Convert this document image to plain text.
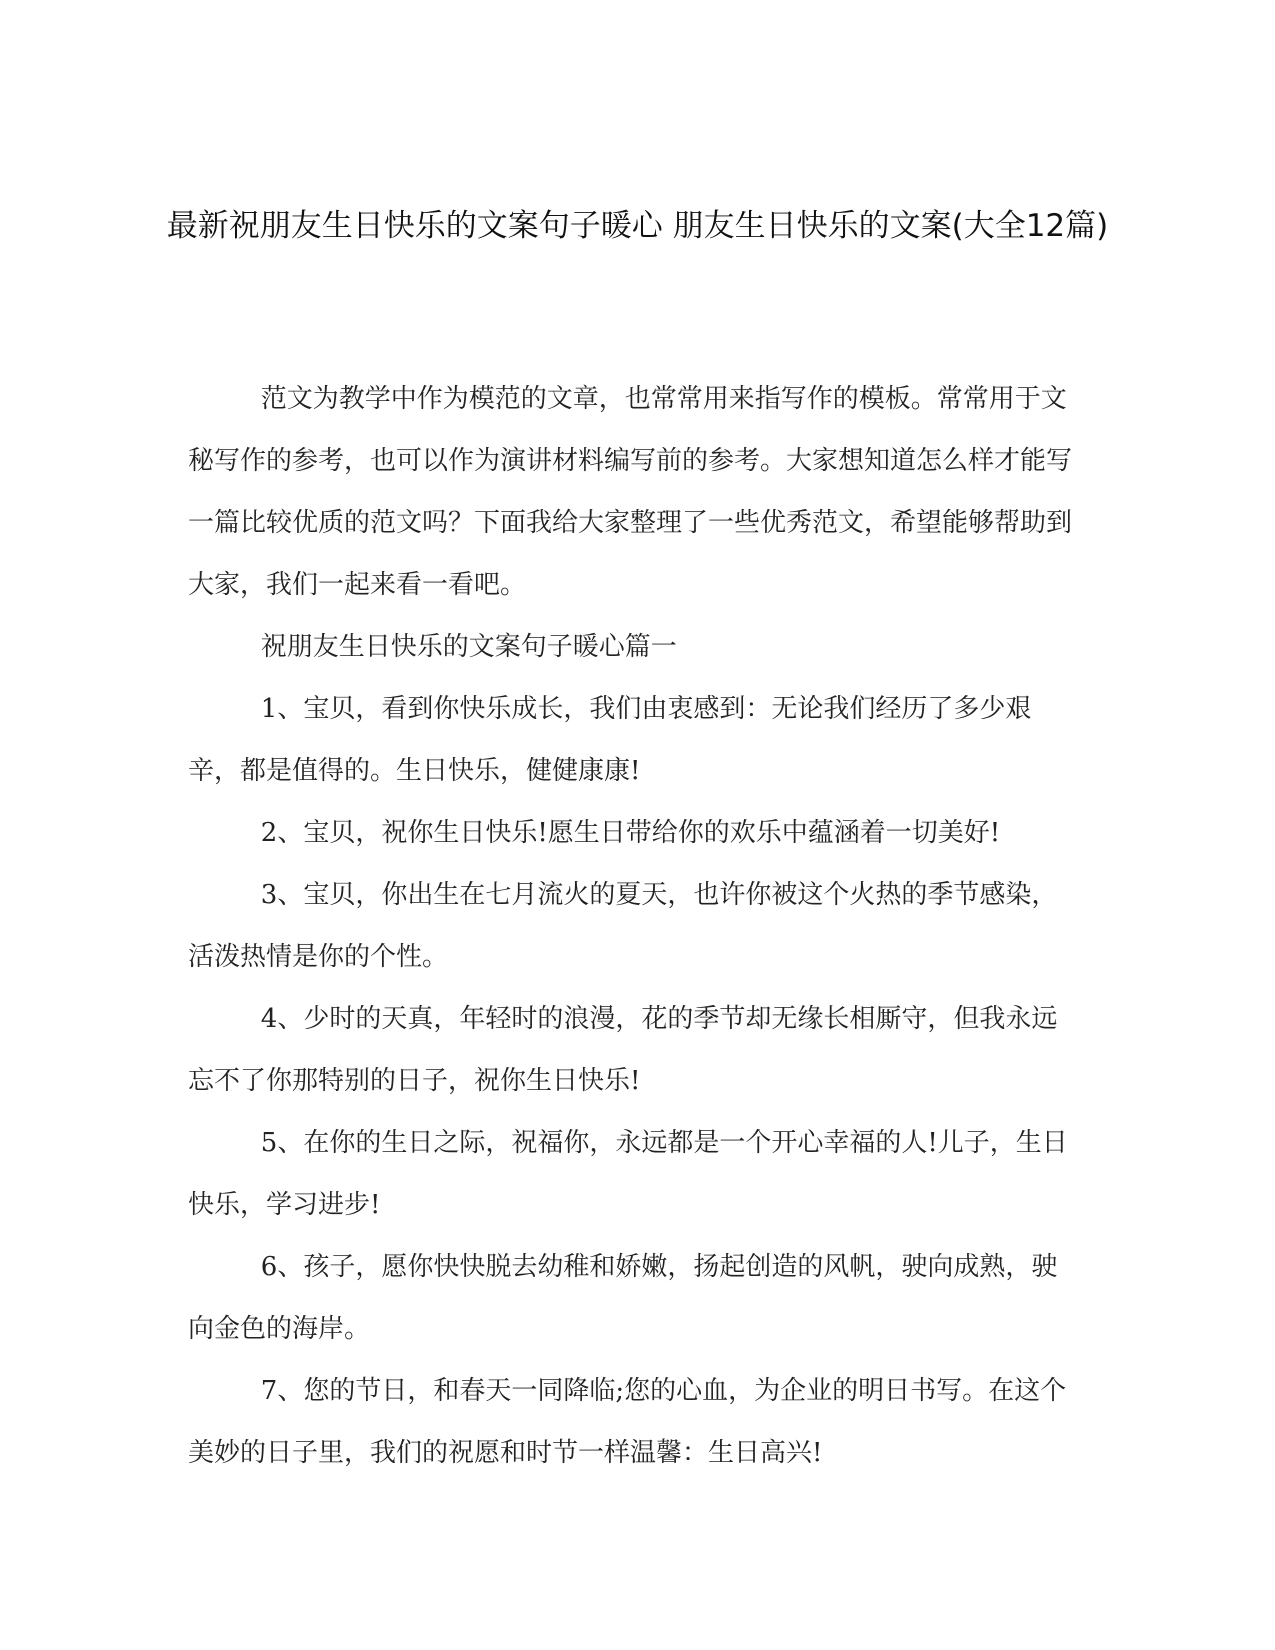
最新祝朋友生日快乐的文案句子暖心 朋友生日快乐的文案(大全12篇)

范文为教学中作为模范的文章，也常常用来指写作的模板。常常用于文秘写作的参考，也可以作为演讲材料编写前的参考。大家想知道怎么样才能写一篇比较优质的范文吗？下面我给大家整理了一些优秀范文，希望能够帮助到大家，我们一起来看一看吧。

祝朋友生日快乐的文案句子暖心篇一

1、宝贝，看到你快乐成长，我们由衷感到：无论我们经历了多少艰辛，都是值得的。生日快乐，健健康康!

2、宝贝，祝你生日快乐!愿生日带给你的欢乐中蕴涵着一切美好!

3、宝贝，你出生在七月流火的夏天，也许你被这个火热的季节感染，活泼热情是你的个性。

4、少时的天真，年轻时的浪漫，花的季节却无缘长相厮守，但我永远忘不了你那特别的日子，祝你生日快乐!

5、在你的生日之际，祝福你，永远都是一个开心幸福的人!儿子，生日快乐，学习进步!

6、孩子，愿你快快脱去幼稚和娇嫩，扬起创造的风帆，驶向成熟，驶向金色的海岸。

7、您的节日，和春天一同降临;您的心血，为企业的明日书写。在这个美妙的日子里，我们的祝愿和时节一样温馨：生日高兴!
